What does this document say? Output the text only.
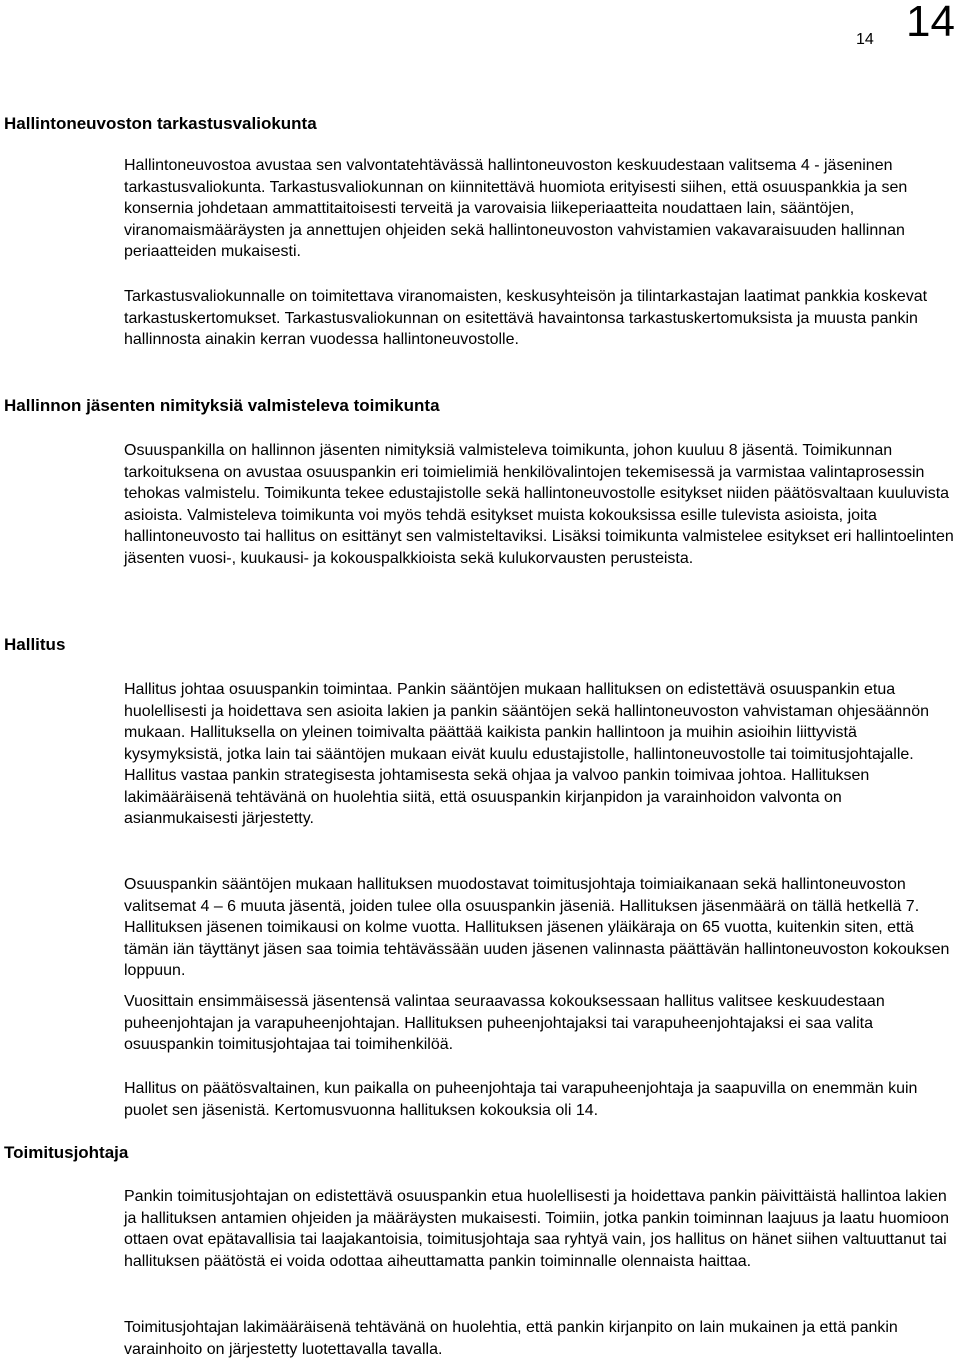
14 14
Hallintoneuvoston tarkastusvaliokunta

Hallintoneuvostoa avustaa sen valvontatehtävässä hallintoneuvoston keskuudestaan valitsema 4 - jäseninen tarkastusvaliokunta. Tarkastusvaliokunnan on kiinnitettävä huomiota erityisesti siihen, että osuuspankkia ja sen konsernia johdetaan ammattitaitoisesti terveitä ja varovaisia liikeperiaatteita noudattaen lain, sääntöjen, viranomaismääräysten ja annettujen ohjeiden sekä hallintoneuvoston vahvistamien vakavaraisuuden hallinnan periaatteiden mukaisesti.

Tarkastusvaliokunnalle on toimitettava viranomaisten, keskusyhteisön ja tilintarkastajan laatimat pankkia koskevat tarkastuskertomukset. Tarkastusvaliokunnan on esitettävä havaintonsa tarkastuskertomuksista ja muusta pankin hallinnosta ainakin kerran vuodessa hallintoneuvostolle.

Hallinnon jäsenten nimityksiä valmisteleva toimikunta

Osuuspankilla on hallinnon jäsenten nimityksiä valmisteleva toimikunta, johon kuuluu 8 jäsentä. Toimikunnan tarkoituksena on avustaa osuuspankin eri toimielimiä henkilövalintojen tekemisessä ja varmistaa valintaprosessin tehokas valmistelu. Toimikunta tekee edustajistolle sekä hallintoneuvostolle esitykset niiden päätösvaltaan kuuluvista asioista. Valmisteleva toimikunta voi myös tehdä esitykset muista kokouksissa esille tulevista asioista, joita hallintoneuvosto tai hallitus on esittänyt sen valmisteltaviksi. Lisäksi toimikunta valmistelee esitykset eri hallintoelinten jäsenten vuosi-, kuukausi- ja kokouspalkkioista sekä kulukorvausten perusteista.

Hallitus

Hallitus johtaa osuuspankin toimintaa. Pankin sääntöjen mukaan hallituksen on edistettävä osuuspankin etua huolellisesti ja hoidettava sen asioita lakien ja pankin sääntöjen sekä hallintoneuvoston vahvistaman ohjesäännön mukaan. Hallituksella on yleinen toimivalta päättää kaikista pankin hallintoon ja muihin asioihin liittyvistä kysymyksistä, jotka lain tai sääntöjen mukaan eivät kuulu edustajistolle, hallintoneuvostolle tai toimitusjohtajalle. Hallitus vastaa pankin strategisesta johtamisesta sekä ohjaa ja valvoo pankin toimivaa johtoa. Hallituksen lakimääräisenä tehtävänä on huolehtia siitä, että osuuspankin kirjanpidon ja varainhoidon valvonta on asianmukaisesti järjestetty.

Osuuspankin sääntöjen mukaan hallituksen muodostavat toimitusjohtaja toimiaikanaan sekä hallintoneuvoston valitsemat 4 – 6 muuta jäsentä, joiden tulee olla osuuspankin jäseniä. Hallituksen jäsenmäärä on tällä hetkellä 7. Hallituksen jäsenen toimikausi on kolme vuotta. Hallituksen jäsenen yläikäraja on 65 vuotta, kuitenkin siten, että tämän iän täyttänyt jäsen saa toimia tehtävässään uuden jäsenen valinnasta päättävän hallintoneuvoston kokouksen loppuun.

Vuosittain ensimmäisessä jäsentensä valintaa seuraavassa kokouksessaan hallitus valitsee keskuudestaan puheenjohtajan ja varapuheenjohtajan. Hallituksen puheenjohtajaksi tai varapuheenjohtajaksi ei saa valita osuuspankin toimitusjohtajaa tai toimihenkilöä.

Hallitus on päätösvaltainen, kun paikalla on puheenjohtaja tai varapuheenjohtaja ja saapuvilla on enemmän kuin puolet sen jäsenistä. Kertomusvuonna hallituksen kokouksia oli 14.

Toimitusjohtaja

Pankin toimitusjohtajan on edistettävä osuuspankin etua huolellisesti ja hoidettava pankin päivittäistä hallintoa lakien ja hallituksen antamien ohjeiden ja määräysten mukaisesti. Toimiin, jotka pankin toiminnan laajuus ja laatu huomioon ottaen ovat epätavallisia tai laajakantoisia, toimitusjohtaja saa ryhtyä vain, jos hallitus on hänet siihen valtuuttanut tai hallituksen päätöstä ei voida odottaa aiheuttamatta pankin toiminnalle olennaista haittaa.

Toimitusjohtajan lakimääräisenä tehtävänä on huolehtia, että pankin kirjanpito on lain mukainen ja että pankin varainhoito on järjestetty luotettavalla tavalla.
